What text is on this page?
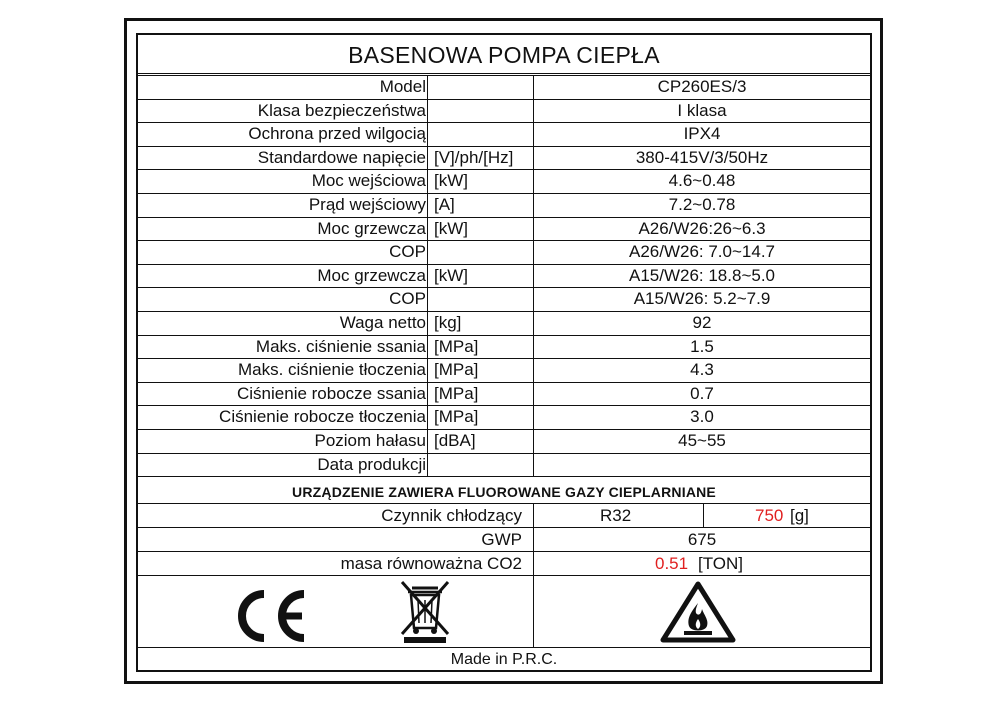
BASENOWA POMPA CIEPŁA
Model	CP260ES/3
Klasa bezpieczeństwa	I klasa
Ochrona przed wilgocią	IPX4
Standardowe napięcie [V]/ph/[Hz]	380-415V/3/50Hz
Moc wejściowa [kW]	4.6~0.48
Prąd wejściowy [A]	7.2~0.78
Moc grzewcza [kW]	A26/W26:26~6.3
COP	A26/W26: 7.0~14.7
Moc grzewcza [kW]	A15/W26: 18.8~5.0
COP	A15/W26: 5.2~7.9
Waga netto [kg]	92
Maks. ciśnienie ssania [MPa]	1.5
Maks. ciśnienie tłoczenia [MPa]	4.3
Ciśnienie robocze ssania [MPa]	0.7
Ciśnienie robocze tłoczenia [MPa]	3.0
Poziom hałasu [dBA]	45~55
Data produkcji
URZĄDZENIE ZAWIERA FLUOROWANE GAZY CIEPLARNIANE
Czynnik chłodzący	R32	750 [g]
GWP	675
masa równoważna CO2	0.51 [TON]
Made in P.R.C.
